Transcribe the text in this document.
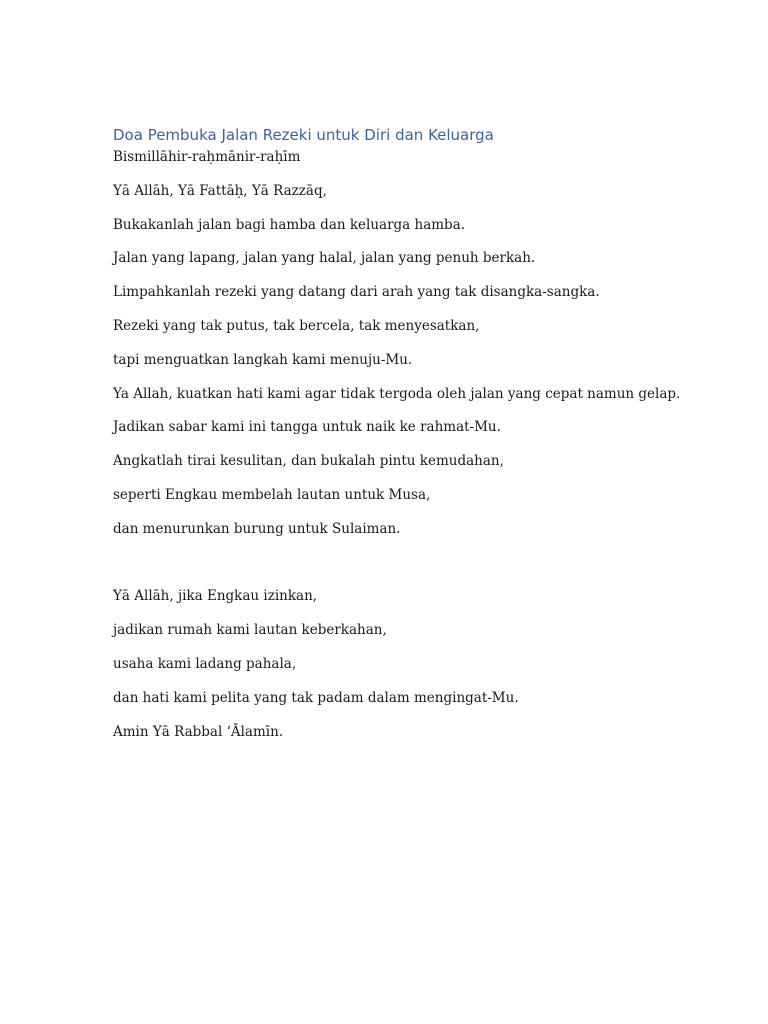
Doa Pembuka Jalan Rezeki untuk Diri dan Keluarga

Bismillāhir-raḥmānir-raḥīm

Yā Allāh, Yā Fattāḥ, Yā Razzāq,

Bukakanlah jalan bagi hamba dan keluarga hamba.

Jalan yang lapang, jalan yang halal, jalan yang penuh berkah.

Limpahkanlah rezeki yang datang dari arah yang tak disangka-sangka.

Rezeki yang tak putus, tak bercela, tak menyesatkan,

tapi menguatkan langkah kami menuju-Mu.

Ya Allah, kuatkan hati kami agar tidak tergoda oleh jalan yang cepat namun gelap.

Jadikan sabar kami ini tangga untuk naik ke rahmat-Mu.

Angkatlah tirai kesulitan, dan bukalah pintu kemudahan,

seperti Engkau membelah lautan untuk Musa,

dan menurunkan burung untuk Sulaiman.

Yā Allāh, jika Engkau izinkan,

jadikan rumah kami lautan keberkahan,

usaha kami ladang pahala,

dan hati kami pelita yang tak padam dalam mengingat-Mu.

Amin Yā Rabbal ‘Ālamīn.
